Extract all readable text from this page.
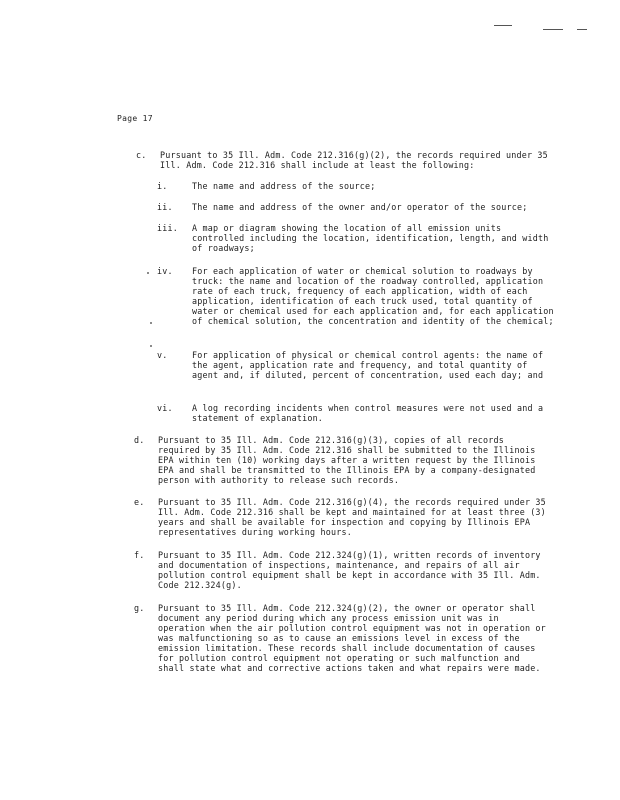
Page 17
c. Pursuant to 35 Ill. Adm. Code 212.316(g)(2), the records required under 35 Ill. Adm. Code 212.316 shall include at least the following:
i.	The name and address of the source;
ii. The name and address of the owner and/or operator of the source;
iii. A map or diagram showing the location of all emission units controlled including the location, identification, length, and width of roadways;
iv. For each application of water or chemical solution to roadways by truck: the name and location of the roadway controlled, application rate of each truck, frequency of each application, width of each application, identification of each truck used, total quantity of water or chemical used for each application and, for each application of chemical solution, the concentration and identity of the chemical;
v.	For application of physical or chemical control agents: the name of the agent, application rate and frequency, and total quantity of agent and, if diluted, percent of concentration, used each day; and
vi. A log recording incidents when control measures were not used and a statement of explanation.
d. Pursuant to 35 Ill. Adm. Code 212.316(g)(3), copies of all records required by 35 Ill. Adm. Code 212.316 shall be submitted to the Illinois EPA within ten (10) working days after a written request by the Illinois EPA and shall be transmitted to the Illinois EPA by a company-designated person with authority to release such records.
e. Pursuant to 35 Ill. Adm. Code 212.316(g)(4), the records required under 35 Ill. Adm. Code 212.316 shall be kept and maintained for at least three (3) years and shall be available for inspection and copying by Illinois EPA representatives during working hours.
f. Pursuant to 35 Ill. Adm. Code 212.324(g)(1), written records of inventory and documentation of inspections, maintenance, and repairs of all air pollution control equipment shall be kept in accordance with 35 Ill. Adm. Code 212.324(g).
g. Pursuant to 35 Ill. Adm. Code 212.324(g)(2), the owner or operator shall document any period during which any process emission unit was in operation when the air pollution control equipment was not in operation or was malfunctioning so as to cause an emissions level in excess of the emission limitation. These records shall include documentation of causes for pollution control equipment not operating or such malfunction and shall state what and corrective actions taken and what repairs were made.
